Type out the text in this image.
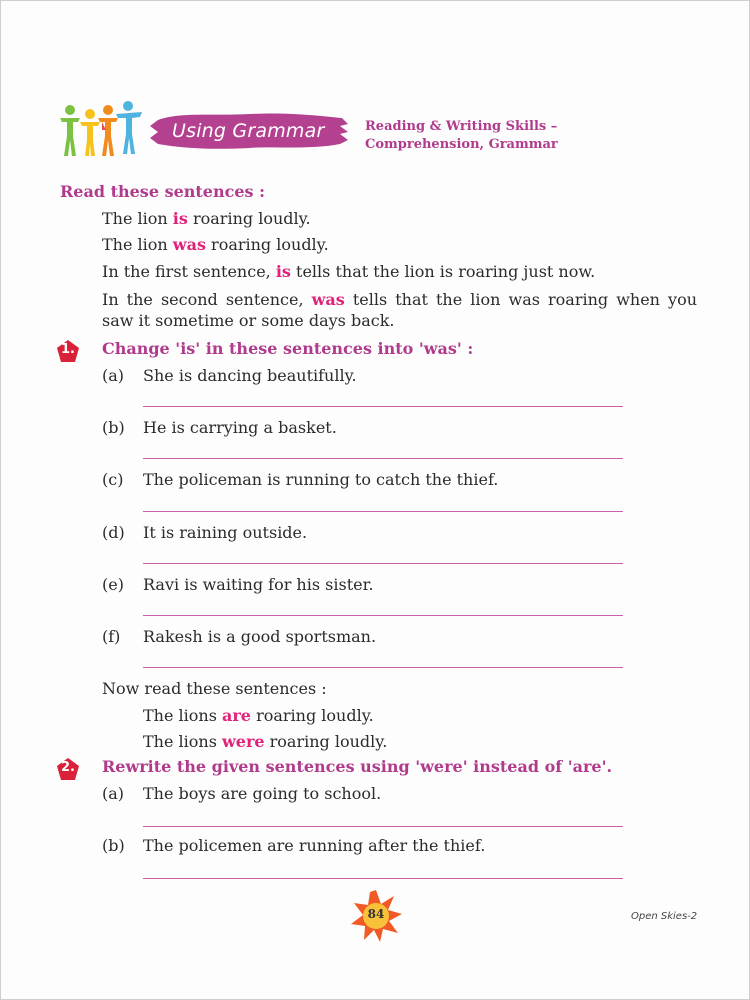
Using Grammar	Reading & Writing Skills –
Comprehension, Grammar
Read these sentences :
The lion is roaring loudly.
The lion was roaring loudly.
In the first sentence, is tells that the lion is roaring just now.
In the second sentence, was tells that the lion was roaring when you saw it sometime or some days back.
1.	Change 'is' in these sentences into 'was' :
(a) She is dancing beautifully.
(b) He is carrying a basket.
(c) The policeman is running to catch the thief.
(d) It is raining outside.
(e) Ravi is waiting for his sister.
(f) Rakesh is a good sportsman.
Now read these sentences :
The lions are roaring loudly.
The lions were roaring loudly.
2.	Rewrite the given sentences using 'were' instead of 'are'.
(a) The boys are going to school.
(b) The policemen are running after the thief.
84	Open Skies-2
